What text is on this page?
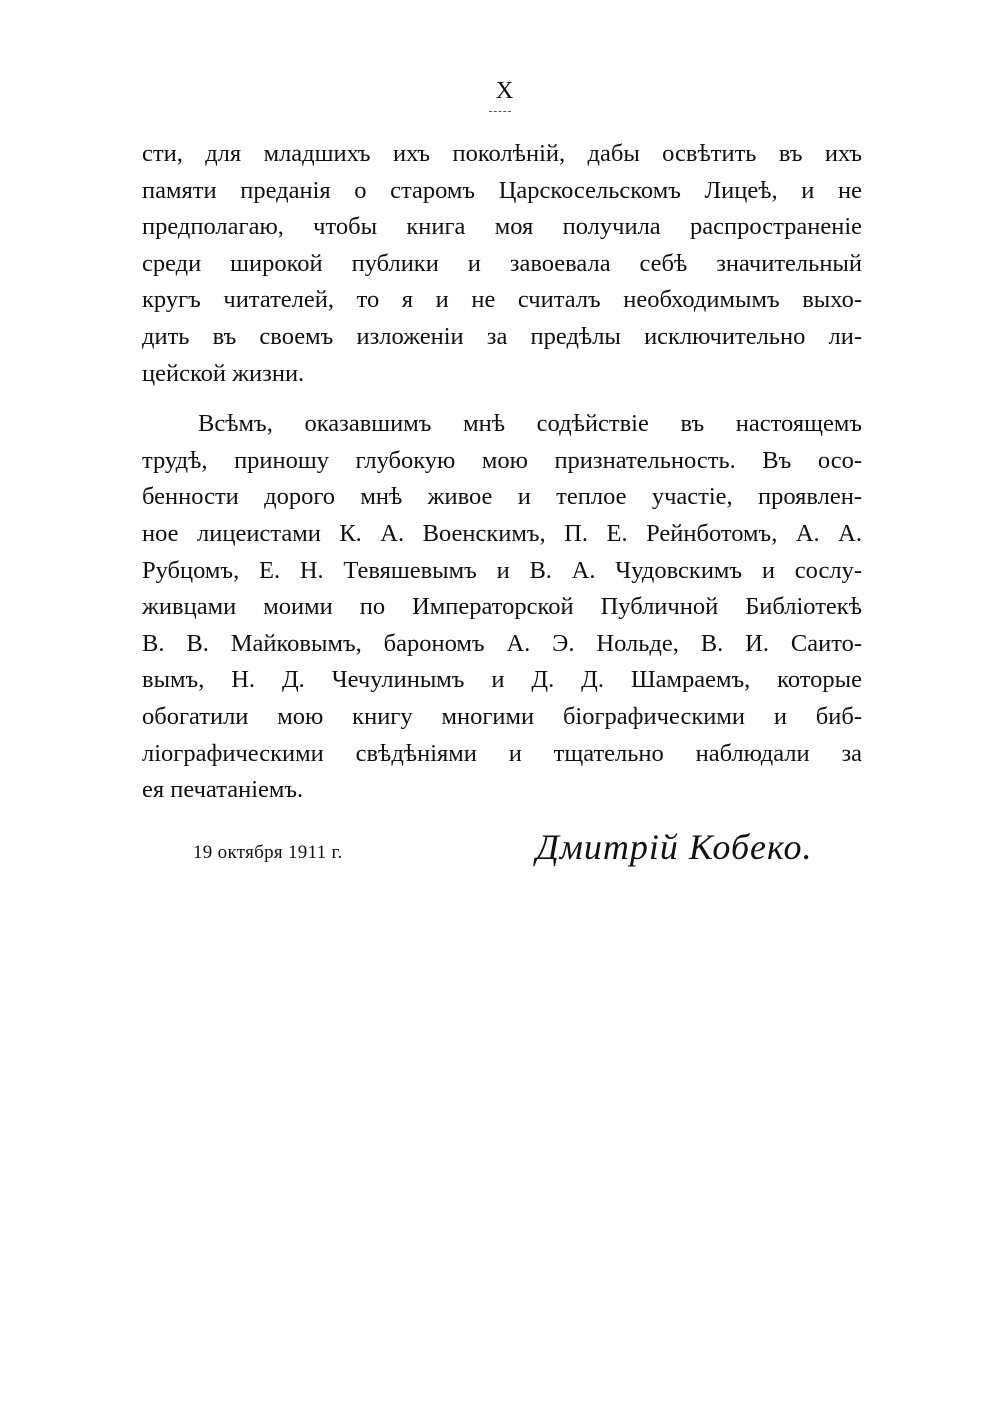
X
сти, для младшихъ ихъ поколѣній, дабы освѣтить въ ихъ
памяти преданія о старомъ Царскосельскомъ Лицеѣ, и не
предполагаю, чтобы книга моя получила распространеніе
среди широкой публики и завоевала себѣ значительный
кругъ читателей, то я и не считалъ необходимымъ выхо-
дить въ своемъ изложеніи за предѣлы исключительно ли-
цейской жизни.
Всѣмъ, оказавшимъ мнѣ содѣйствіе въ настоящемъ
трудѣ, приношу глубокую мою признательность. Въ осо-
бенности дорого мнѣ живое и теплое участіе, проявлен-
ное лицеистами К. А. Военскимъ, П. Е. Рейнботомъ, А. А.
Рубцомъ, Е. Н. Тевяшевымъ и В. А. Чудовскимъ и сослу-
живцами моими по Императорской Публичной Библіотекѣ
В. В. Майковымъ, барономъ А. Э. Нольде, В. И. Саито-
вымъ, Н. Д. Чечулинымъ и Д. Д. Шамраемъ, которые
обогатили мою книгу многими біографическими и биб-
ліографическими свѣдѣніями и тщательно наблюдали за
ея печатаніемъ.
19 октября 1911 г.	Дмитрій Кобеко.
